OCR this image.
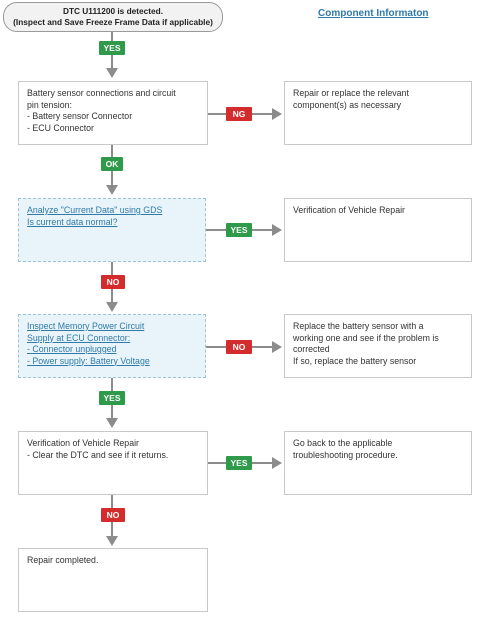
DTC U111200 is detected.
(Inspect and Save Freeze Frame Data if applicable)
Component Informaton
YES
Battery sensor connections and circuit
pin tension:
- Battery sensor Connector
- ECU Connector
NG
Repair or replace the relevant
component(s) as necessary
OK
Analyze "Current Data" using GDS
Is current data normal?
YES
Verification of Vehicle Repair
NO
Inspect Memory Power Circuit
Supply at ECU Connector:
- Connector unplugged
- Power supply: Battery Voltage
NO
Replace the battery sensor with a
working one and see if the problem is
corrected
If so, replace the battery sensor
YES
Verification of Vehicle Repair
- Clear the DTC and see if it returns.
YES
Go back to the applicable
troubleshooting procedure.
NO
Repair completed.
